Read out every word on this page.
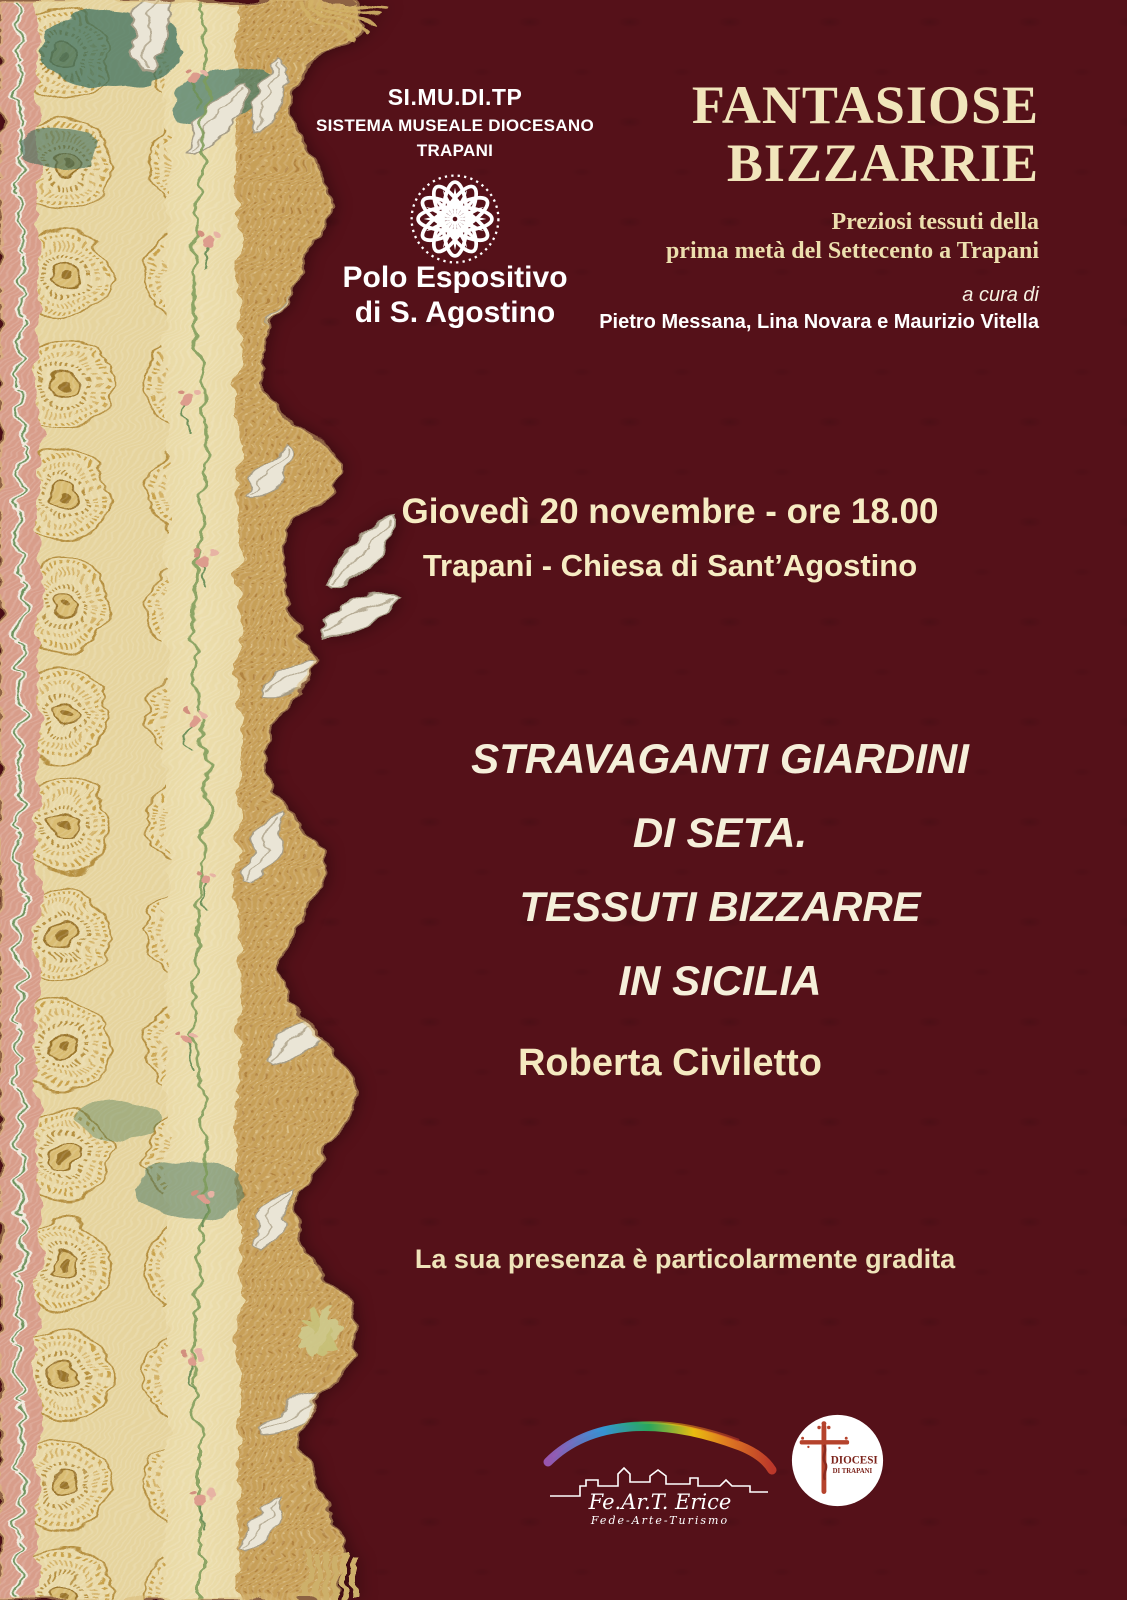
SI.MU.DI.TP
SISTEMA MUSEALE DIOCESANO
TRAPANI
Polo Espositivo
di S. Agostino
FANTASIOSE
BIZZARRIE
Preziosi tessuti della
prima metà del Settecento a Trapani
a cura di
Pietro Messana, Lina Novara e Maurizio Vitella
Giovedì 20 novembre - ore 18.00
Trapani - Chiesa di Sant’Agostino
STRAVAGANTI GIARDINI
DI SETA.
TESSUTI BIZZARRE
IN SICILIA
Roberta Civiletto
La sua presenza è particolarmente gradita
Fe.Ar.T. Erice
Fede-Arte-Turismo
DIOCESI
DI TRAPANI
